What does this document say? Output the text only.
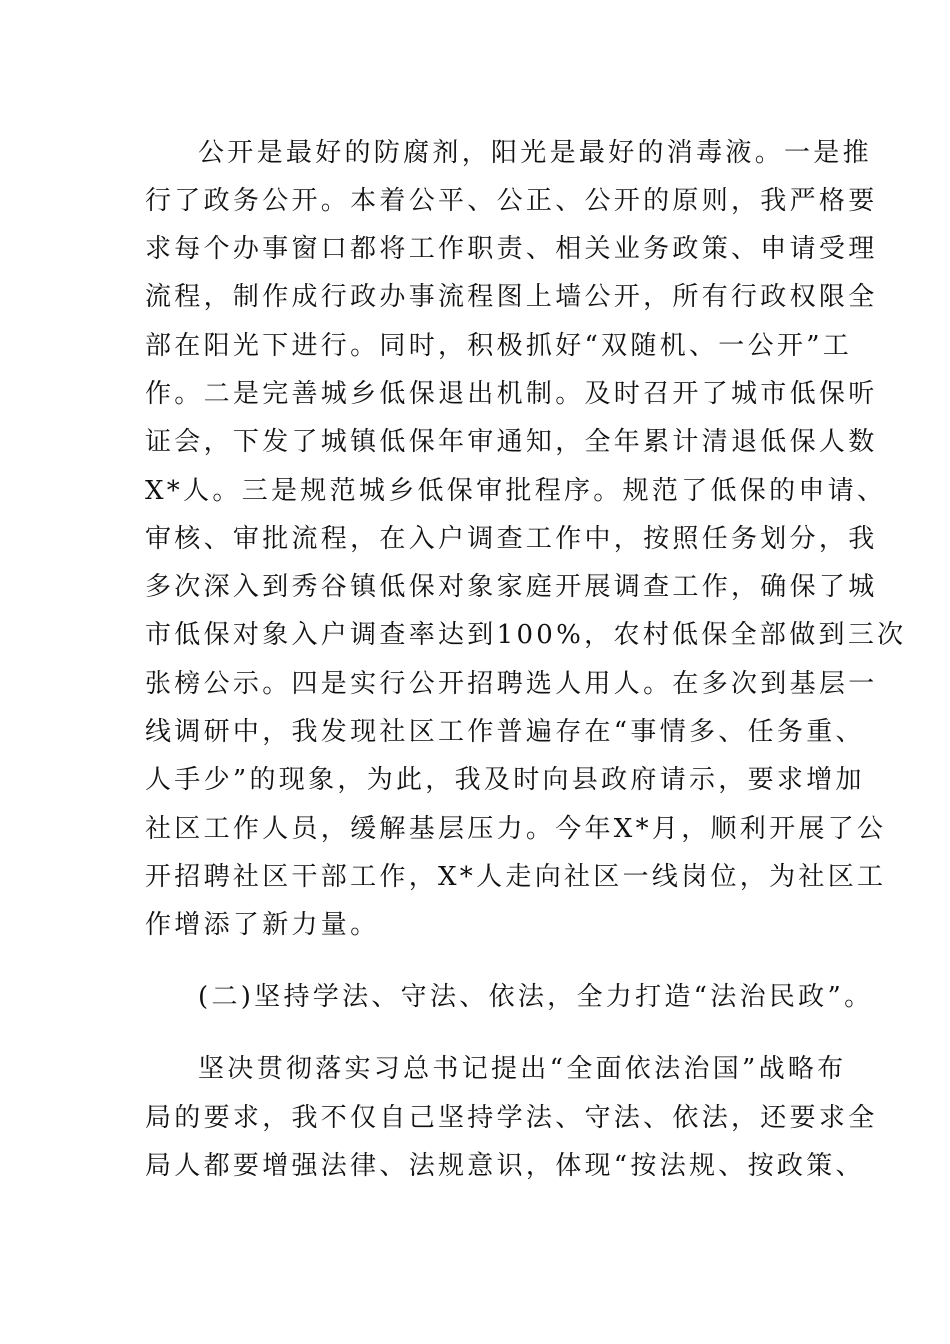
公开是最好的防腐剂，阳光是最好的消毒液。一是推
行了政务公开。本着公平、公正、公开的原则，我严格要
求每个办事窗口都将工作职责、相关业务政策、申请受理
流程，制作成行政办事流程图上墙公开，所有行政权限全
部在阳光下进行。同时，积极抓好“双随机、一公开”工
作。二是完善城乡低保退出机制。及时召开了城市低保听
证会，下发了城镇低保年审通知，全年累计清退低保人数
X*人。三是规范城乡低保审批程序。规范了低保的申请、
审核、审批流程，在入户调查工作中，按照任务划分，我
多次深入到秀谷镇低保对象家庭开展调查工作，确保了城
市低保对象入户调查率达到100%，农村低保全部做到三次
张榜公示。四是实行公开招聘选人用人。在多次到基层一
线调研中，我发现社区工作普遍存在“事情多、任务重、
人手少”的现象，为此，我及时向县政府请示，要求增加
社区工作人员，缓解基层压力。今年X*月，顺利开展了公
开招聘社区干部工作，X*人走向社区一线岗位，为社区工
作增添了新力量。
(二)坚持学法、守法、依法，全力打造“法治民政”。
坚决贯彻落实习总书记提出“全面依法治国”战略布
局的要求，我不仅自己坚持学法、守法、依法，还要求全
局人都要增强法律、法规意识，体现“按法规、按政策、
